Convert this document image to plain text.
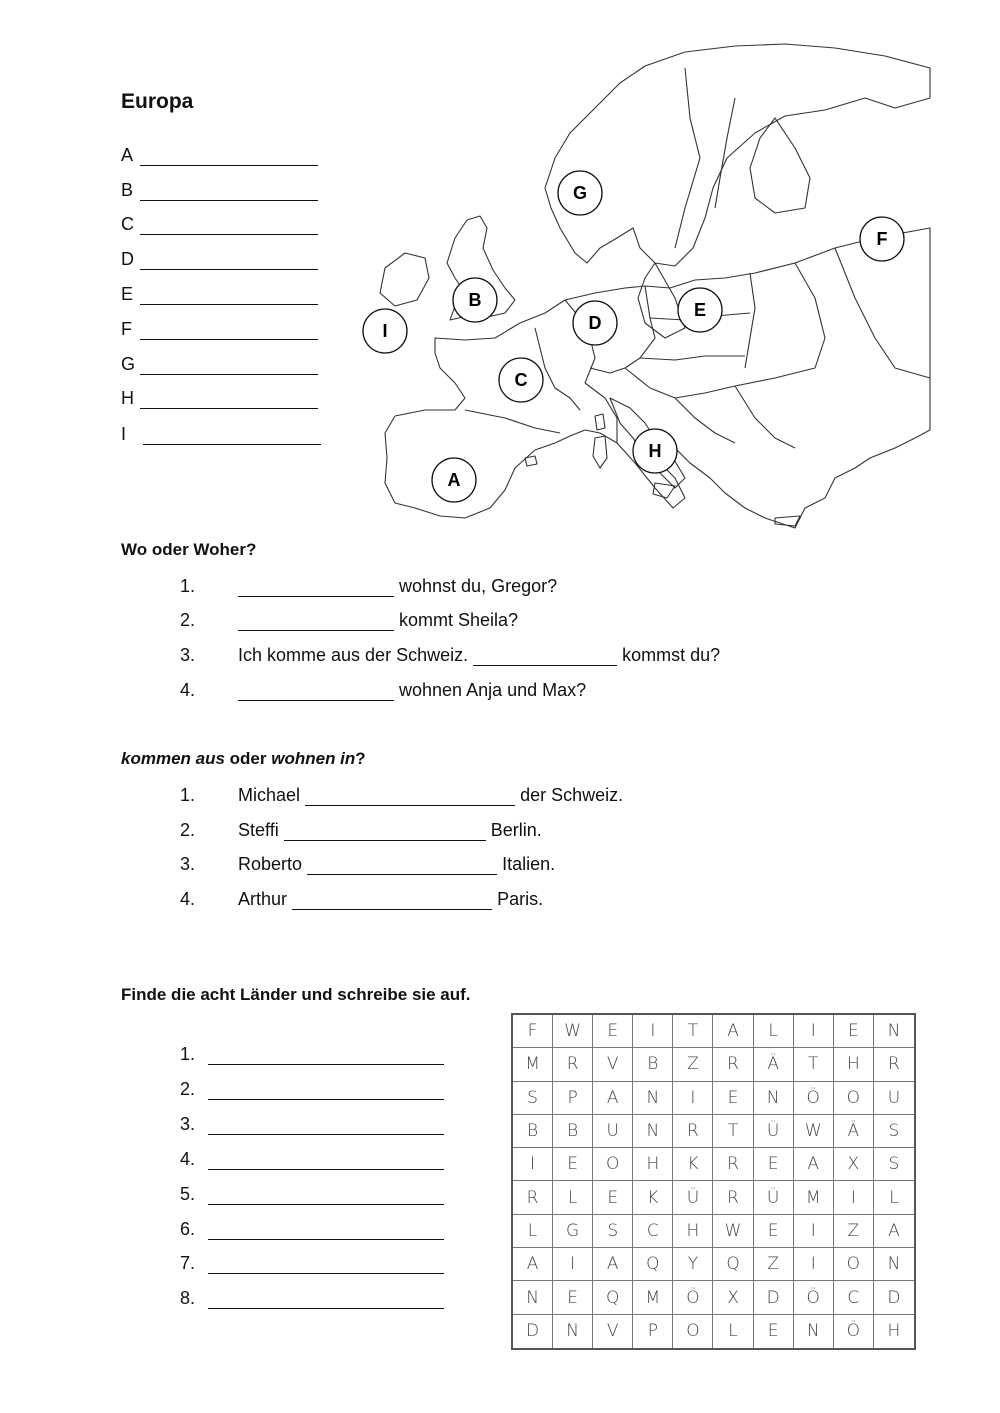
Europa
A
B
C
D
E
F
G
H
I
G
F
B	E
D
I
C
H
A
Wo oder Woher?
1.	wohnst du, Gregor?
2.	kommt Sheila?
3. Ich komme aus der Schweiz.	kommst du?
4.	wohnen Anja und Max?
kommen aus oder wohnen in?
1. Michael	der Schweiz.
2. Steffi	Berlin.
3. Roberto	Italien.
4. Arthur	Paris.
Finde die acht Länder und schreibe sie auf.
1.
2.
3.
4.
5.
6.
7.
8.
F	W	E	I	T	A	L	I	E	N
M	R	V	B	Z	R	Ä	T	H	R
S	P	A	N	I	E	N	Ö	O	U
B	B	U	N	R	T	Ü	W	Ä	S
I	E	O	H	K	R	E	A	X	S
R	L	E	K	Ü	R	Ü	M	I	L
L	G	S	C	H	W	E	I	Z	A
A	I	A	Q	Y	Q	Z	I	O	N
N	E	Q	M	Ö	X	D	Ö	C	D
D	N	V	P	O	L	E	N	Ö	H
